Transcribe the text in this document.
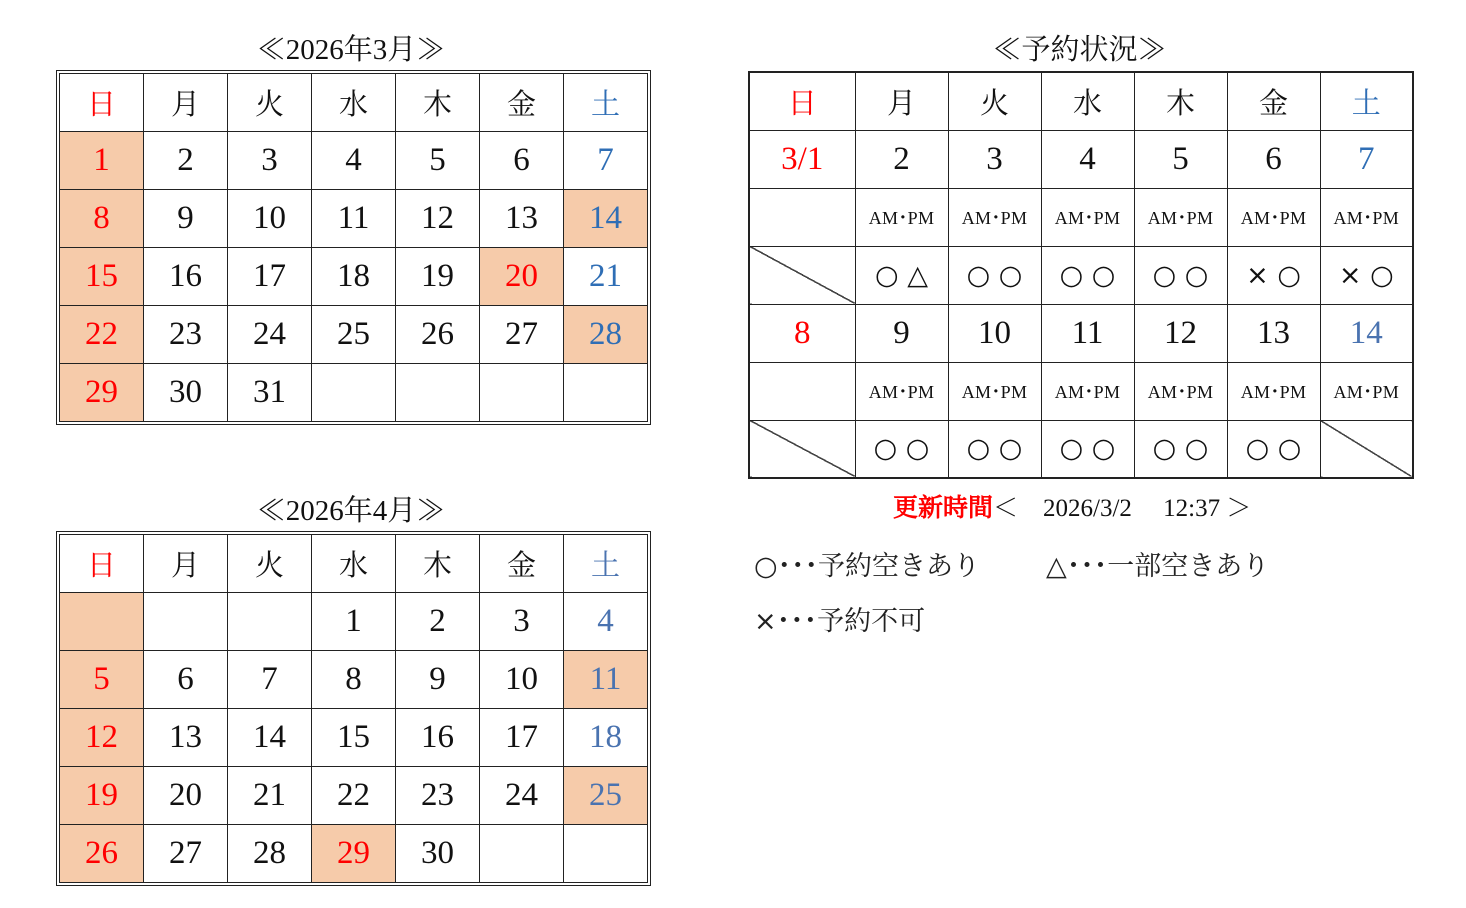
≪2026年3月≫
日	月	火	水	木	金	土
1	2	3	4	5	6	7
8	9	10	11	12	13	14
15	16	17	18	19	20	21
22	23	24	25	26	27	28
29	30	31				
≪2026年4月≫
日	月	火	水	木	金	土
			1	2	3	4
5	6	7	8	9	10	11
12	13	14	15	16	17	18
19	20	21	22	23	24	25
26	27	28	29	30		
≪予約状況≫
日	月	火	水	木	金	土
3/1	2	3	4	5	6	7
	AM･PM	AM･PM	AM･PM	AM･PM	AM･PM	AM･PM
	○ △	○ ○	○ ○	○ ○	× ○	× ○
8	9	10	11	12	13	14
	AM･PM	AM･PM	AM･PM	AM･PM	AM･PM	AM･PM
	○ ○	○ ○	○ ○	○ ○	○ ○	
更新時間＜　2026/3/2　 12:37 ＞
○･･･予約空きあり △･･･一部空きあり
×･･･予約不可
